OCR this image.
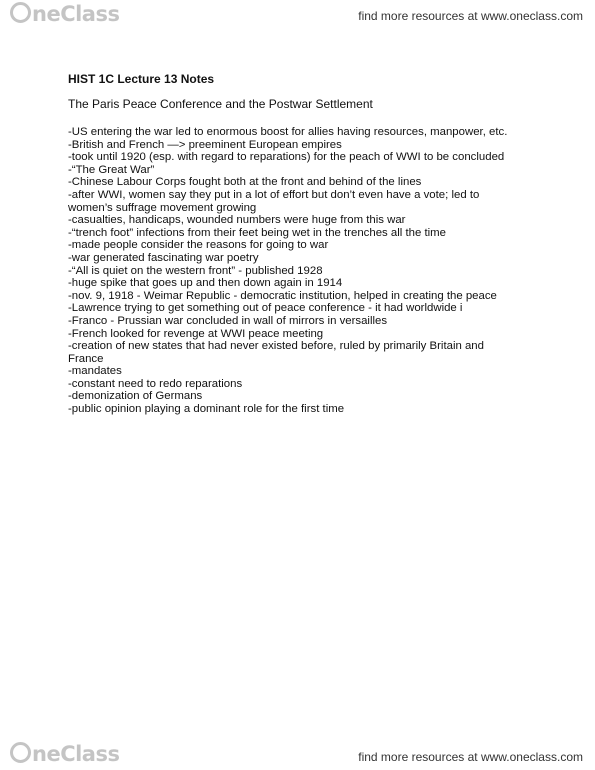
neClass	find more resources at www.oneclass.com

HIST 1C Lecture 13 Notes

The Paris Peace Conference and the Postwar Settlement

-US entering the war led to enormous boost for allies having resources, manpower, etc.
-British and French —> preeminent European empires
-took until 1920 (esp. with regard to reparations) for the peach of WWI to be concluded
-“The Great War”
-Chinese Labour Corps fought both at the front and behind of the lines
-after WWI, women say they put in a lot of effort but don’t even have a vote; led to
women’s suffrage movement growing
-casualties, handicaps, wounded numbers were huge from this war
-“trench foot” infections from their feet being wet in the trenches all the time
-made people consider the reasons for going to war
-war generated fascinating war poetry
-“All is quiet on the western front” - published 1928
-huge spike that goes up and then down again in 1914
-nov. 9, 1918 - Weimar Republic - democratic institution, helped in creating the peace
-Lawrence trying to get something out of peace conference - it had worldwide i
-Franco - Prussian war concluded in wall of mirrors in versailles
-French looked for revenge at WWI peace meeting
-creation of new states that had never existed before, ruled by primarily Britain and
France
-mandates
-constant need to redo reparations
-demonization of Germans
-public opinion playing a dominant role for the first time
neClass	find more resources at www.oneclass.com
